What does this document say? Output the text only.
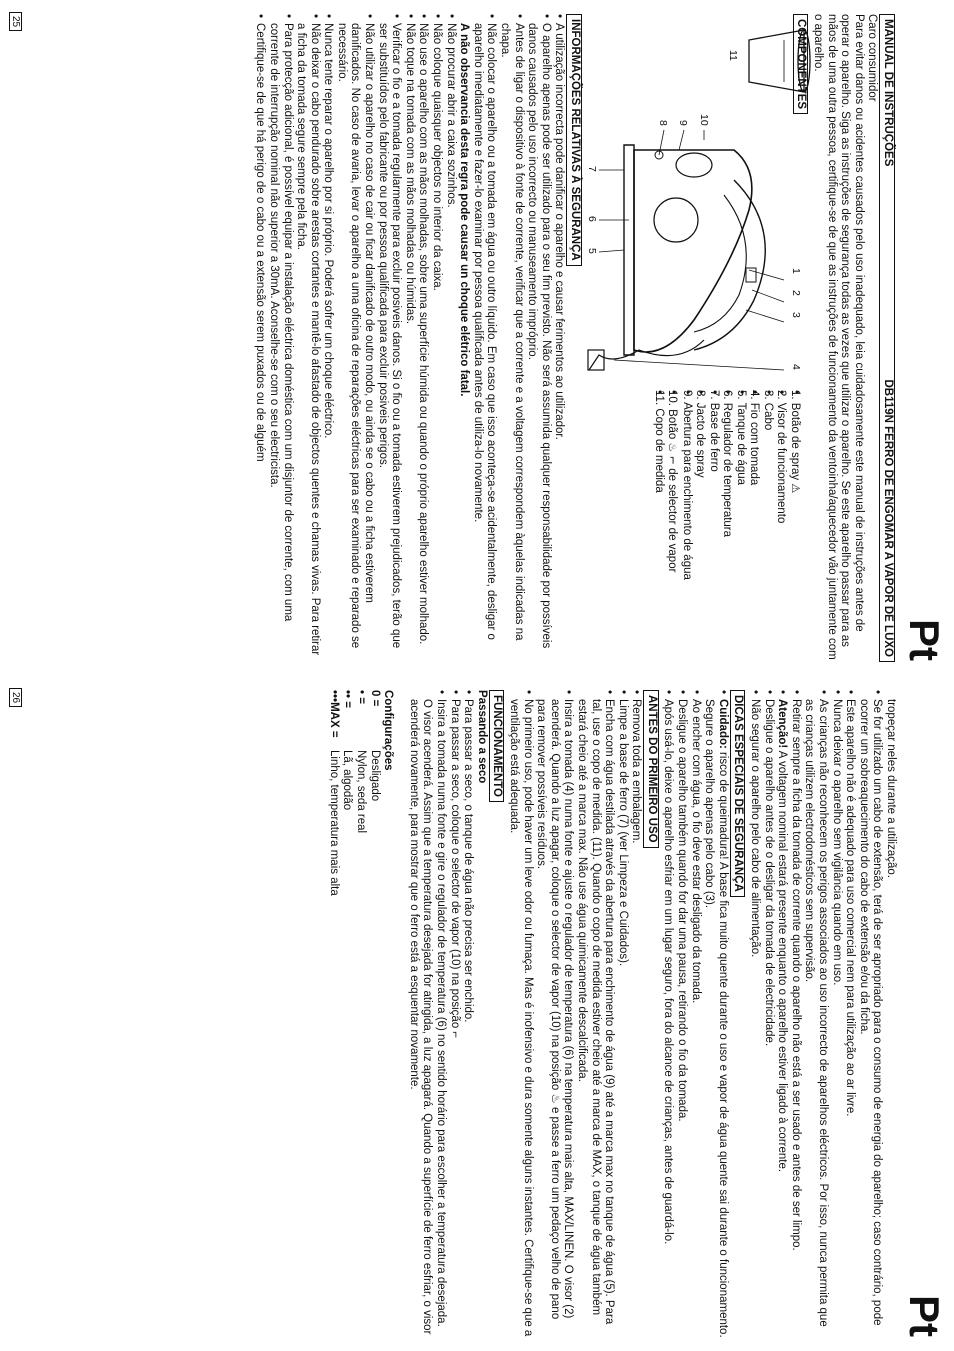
Pt
MANUAL DE INSTRUÇÕES
DB119N FERRO DE ENGOMAR A VAPOR DE LUXO

Caro consumidor

Para evitar danos ou acidentes causados pelo uso inadequado, leia cuidadosamente este manual de instruções antes de operar o aparelho. Siga as instruções de segurança todas as vezes que utilizar o aparelho. Se este aparelho passar para as mãos de uma outra pessoa, certifique-se de que as instruções de funcionamento da ventoinha/aquecedor vão juntamente com o aparelho.

COMPONENTES
1
2
3
4
5
6
7
8 9 10
11
• 1. Botão de spray ⚠
• 2. Visor de funcionamento
• 3. Cabo
• 4. Fio com tomada
• 5. Tanque de água
• 6. Regulador de temperatura
• 7. Base de ferro
• 8. Jacto de spray
• 9. Abertura para enchimento de água
• 10. Botão ♨ ⌐ de selector de vapor
• 11. Copo de medida
INFORMAÇÕES RELATIVAS À SEGURANÇA
• A utilização incorrecta pode danificar o aparelho e causar ferimentos ao utilizador.
• O aparelho apenas pode ser utilizado para o seu fim previsto. Não será assumida qualquer responsabilidade por possíveis danos causados pelo uso incorrecto ou manuseamento impróprio.
• Antes de ligar o dispositivo à fonte de corrente, verificar que a corrente e a voltagem correspondem àquelas indicadas na chapa.
• Não colocar o aparelho ou a tomada em água ou outro líquido. Em caso que isso aconteça-se acidentalmente, desligar o aparelho imediatamente e fazer-lo examinar por pessoa qualificada antes de utiliza-lo novamente.

A não observancia desta regra pode causar un choque elétrico fatal.

• Não procurar abrir a caixa sozinhos.
• Não coloque quaisquer objectos no interior da caixa.
• Não use o aparelho com as mãos molhadas, sobre uma superfície húmida ou quando o próprio aparelho estiver molhado.
• Não toque na tomada com as mãos molhadas ou húmidas.
• Verificar o fio e a tomada regularmente para excluir posiveis danos. Si o fio ou a tomada estiverem prejudicados, terão que ser substituídos pelo fabricante ou por pessoa qualificada para excluir posiveis perigos.
• Não utilizar o aparelho no caso de cair ou ficar danificado de outro modo, ou ainda se o cabo ou a ficha estiverem danificados. No caso de avaria, levar o aparelho a uma oficina de reparações eléctricas para ser examinado e reparado se necessário.
• Nunca tente reparar o aparelho por si próprio. Poderá sofrer um choque eléctrico.
• Não deixar o cabo pendurado sobre arestas cortantes e mantê-lo afastado de objectos quentes e chamas vivas. Para retirar a ficha da tomada segure sempre pela ficha.
• Para protecção adicional, é possível equipar a instalação eléctrica doméstica com um disjuntor de corrente, com uma corrente de interrupção nominal não superior a 30mA. Aconselhe-se com o seu electricista.
• Certifique-se de que há perigo de o cabo ou a extensão serem puxados ou de alguém
25
Pt

tropeçar neles durante a utilização.

• Se for utilizado um cabo de extensão, terá de ser apropriado para o consumo de energia do aparelho; caso contrário, pode ocorrer um sobreaquecimento do cabo de extensão e/ou da ficha.
• Este aparelho não é adequado para uso comercial nem para utilização ao ar livre.
• Nunca deixar o aparelho sem vigilância quando em uso.
• As crianças não reconhecem os perigos associados ao uso incorrecto de aparelhos eléctricos. Por isso, nunca permita que as crianças utilizem electrodomésticos sem supervisão.
• Retirar sempre a ficha da tomada de corrente quando o aparelho não está a ser usado e antes de ser limpo.
• Atenção! A voltagem nominal estará presente enquanto o aparelho estiver ligado à corrente.
• Desligue o aparelho antes de o desligar da tomada de electricidade.
• Não segurar o aparelho pelo cabo de alimentação.
DICAS ESPECIAIS DE SEGURANÇA
• Cuidado: risco de queimadura! A base fica muito quente durante o uso e vapor de água quente sai durante o funcionamento. Segure o aparelho apenas pelo cabo (3).
• Ao encher com água, o fio deve estar desligado da tomada.
• Desligue o aparelho também quando for dar uma pausa, retirando o fio da tomada.
• Após usá-lo, deixe o aparelho esfriar em um lugar seguro, fora do alcance de crianças, antes de guardá-lo.
ANTES DO PRIMEIRO USO
• Remova toda a embalagem.
• Limpe a base de ferro (7) (ver Limpeza e Cuidados).
• Encha com água destilada através da abertura para enchimento de água (9) até a marca max no tanque de água (5). Para tal, use o copo de medida. (11). Quando o copo de medida estiver cheio até a marca de MAX, o tanque de água também estará cheio até a marca max. Não use água quimicamente descalcificada.
• Insira a tomada (4) numa fonte e ajuste o regulador de temperatura (6) na temperatura mais alta, MAX/LINEN. O visor (2) acenderá. Quando a luz apagar, coloque o selector de vapor (10) na posição ♨ e passe a ferro um pedaço velho de pano para remover possíveis resíduos.
• No primeiro uso, pode haver um leve odor ou fumaça. Mas é inofensivo e dura somente alguns instantes. Certifique-se que a ventilação está adequada.
FUNCIONAMENTO

Passando a seco

• Para passar a seco, o tanque de água não precisa ser enchido.
• Para passar a seco, coloque o selector de vapor (10) na posição ⌐
• Insira a tomada numa fonte e gire o regulador de temperatura (6) no sentido horário para escolher a temperatura desejada. O visor acenderá. Assim que a temperatura desejada for atingida, a luz apagará. Quando a superfície de ferro esfriar, o visor acenderá novamente, para mostrar que o ferro está a esquentar novamente.

Configurações

0 =
Desligado
• =
Nylon, seda real
•• =
Lã, algodão
•••MAX =
Linho, temperatura mais alta
26
